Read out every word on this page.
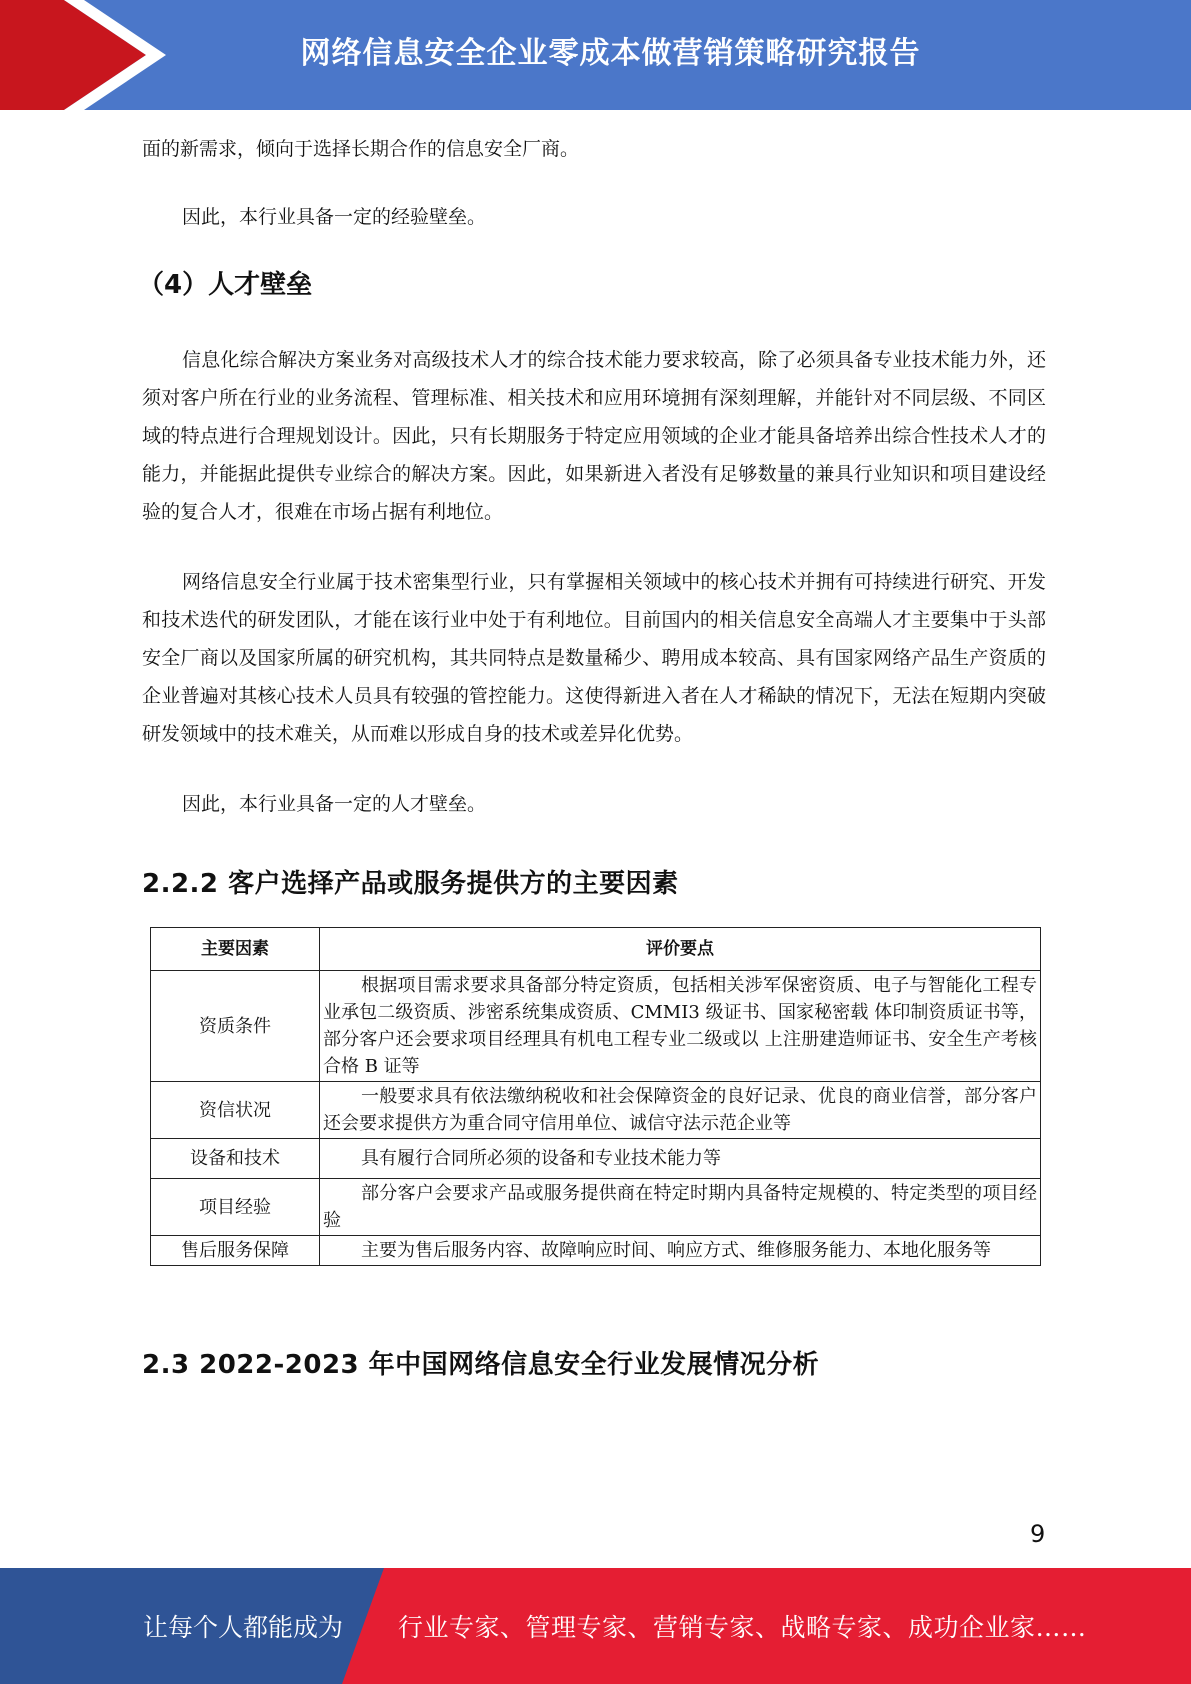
网络信息安全企业零成本做营销策略研究报告

面的新需求，倾向于选择长期合作的信息安全厂商。

因此，本行业具备一定的经验壁垒。

（4）人才壁垒

信息化综合解决方案业务对高级技术人才的综合技术能力要求较高，除了必须具备专业技术能力外，还须对客户所在行业的业务流程、管理标准、相关技术和应用环境拥有深刻理解，并能针对不同层级、不同区域的特点进行合理规划设计。因此，只有长期服务于特定应用领域的企业才能具备培养出综合性技术人才的能力，并能据此提供专业综合的解决方案。因此，如果新进入者没有足够数量的兼具行业知识和项目建设经验的复合人才，很难在市场占据有利地位。

网络信息安全行业属于技术密集型行业，只有掌握相关领域中的核心技术并拥有可持续进行研究、开发和技术迭代的研发团队，才能在该行业中处于有利地位。目前国内的相关信息安全高端人才主要集中于头部安全厂商以及国家所属的研究机构，其共同特点是数量稀少、聘用成本较高、具有国家网络产品生产资质的企业普遍对其核心技术人员具有较强的管控能力。这使得新进入者在人才稀缺的情况下，无法在短期内突破研发领域中的技术难关，从而难以形成自身的技术或差异化优势。

因此，本行业具备一定的人才壁垒。

2.2.2 客户选择产品或服务提供方的主要因素
主要因素	评价要点
资质条件	根据项目需求要求具备部分特定资质，包括相关涉军保密资质、电子与智能化工程专业承包二级资质、涉密系统集成资质、CMMI3 级证书、国家秘密载 体印制资质证书等，部分客户还会要求项目经理具有机电工程专业二级或以 上注册建造师证书、安全生产考核合格 B 证等
资信状况	一般要求具有依法缴纳税收和社会保障资金的良好记录、优良的商业信誉，部分客户还会要求提供方为重合同守信用单位、诚信守法示范企业等
设备和技术	具有履行合同所必须的设备和专业技术能力等
项目经验	部分客户会要求产品或服务提供商在特定时期内具备特定规模的、特定类型的项目经验
售后服务保障	主要为售后服务内容、故障响应时间、响应方式、维修服务能力、本地化服务等
2.3 2022-2023 年中国网络信息安全行业发展情况分析
9
让每个人都能成为 行业专家、管理专家、营销专家、战略专家、成功企业家……
